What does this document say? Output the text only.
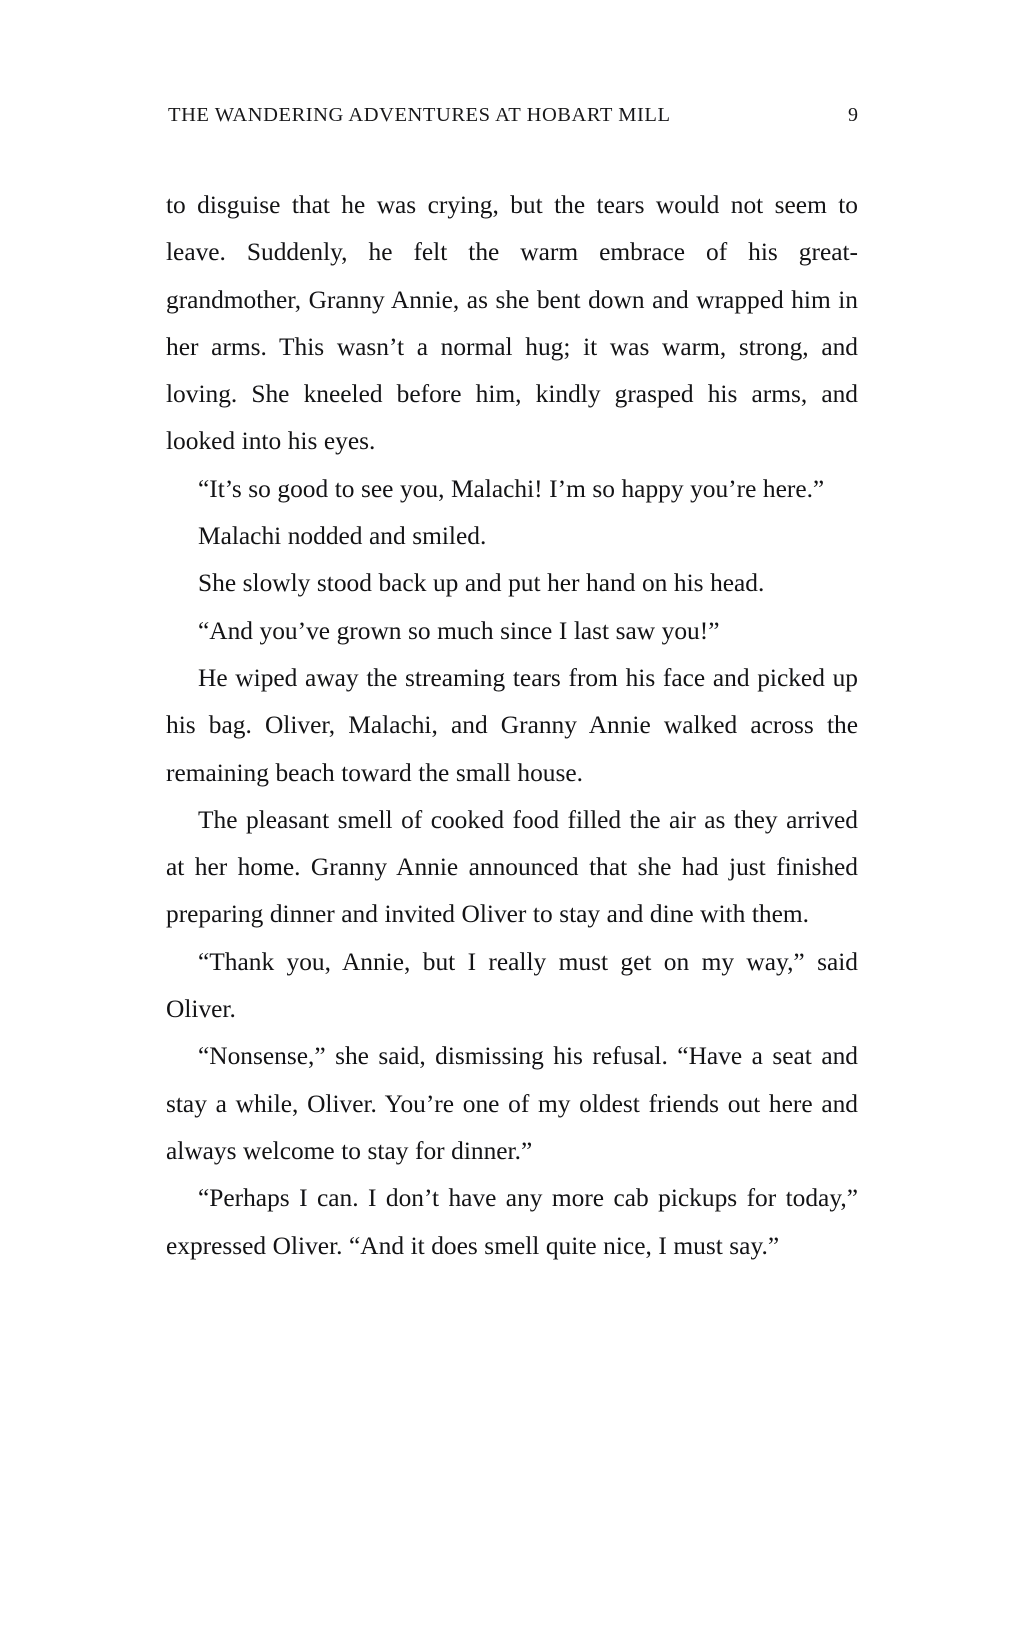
THE WANDERING ADVENTURES AT HOBART MILL	9

to disguise that he was crying, but the tears would not seem to leave. Suddenly, he felt the warm embrace of his great-grandmother, Granny Annie, as she bent down and wrapped him in her arms. This wasn’t a normal hug; it was warm, strong, and loving. She kneeled before him, kindly grasped his arms, and looked into his eyes.

“It’s so good to see you, Malachi! I’m so happy you’re here.”

Malachi nodded and smiled.

She slowly stood back up and put her hand on his head.

“And you’ve grown so much since I last saw you!”

He wiped away the streaming tears from his face and picked up his bag. Oliver, Malachi, and Granny Annie walked across the remaining beach toward the small house.

The pleasant smell of cooked food filled the air as they arrived at her home. Granny Annie announced that she had just finished preparing dinner and invited Oliver to stay and dine with them.

“Thank you, Annie, but I really must get on my way,” said Oliver.

“Nonsense,” she said, dismissing his refusal. “Have a seat and stay a while, Oliver. You’re one of my oldest friends out here and always welcome to stay for dinner.”

“Perhaps I can. I don’t have any more cab pickups for today,” expressed Oliver. “And it does smell quite nice, I must say.”
